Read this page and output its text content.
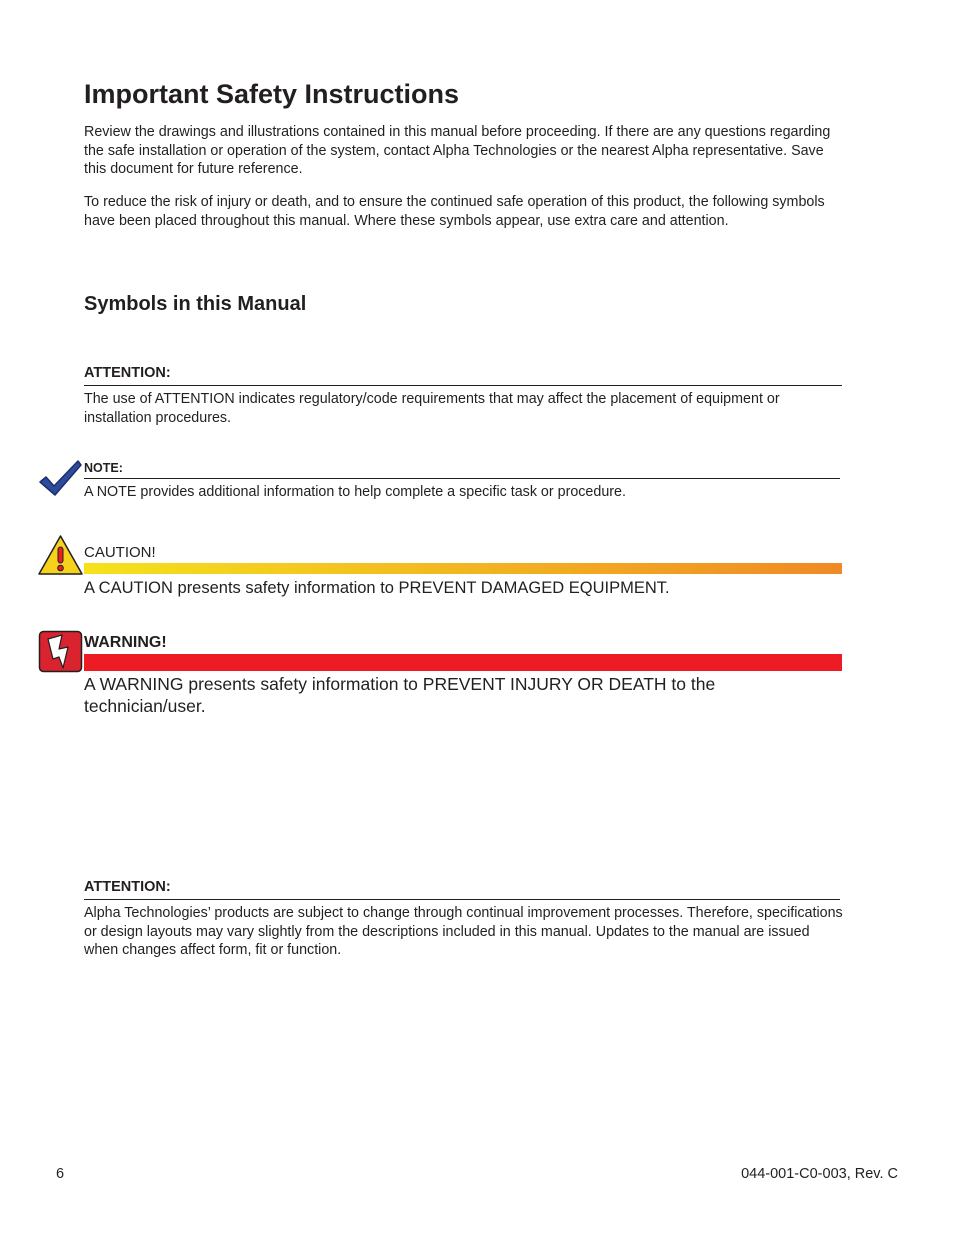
Important Safety Instructions

Review the drawings and illustrations contained in this manual before proceeding. If there are any questions regarding the safe installation or operation of the system, contact Alpha Technologies or the nearest Alpha representative. Save this document for future reference.

To reduce the risk of injury or death, and to ensure the continued safe operation of this product, the following symbols have been placed throughout this manual. Where these symbols appear, use extra care and attention.

Symbols in this Manual
ATTENTION:

The use of ATTENTION indicates regulatory/code requirements that may affect the placement of equipment or installation procedures.

NOTE:

A NOTE provides additional information to help complete a specific task or procedure.

CAUTION!

A CAUTION presents safety information to PREVENT DAMAGED EQUIPMENT.

WARNING!

A WARNING presents safety information to PREVENT INJURY OR DEATH to the technician/user.

ATTENTION:

Alpha Technologies’ products are subject to change through continual improvement processes. Therefore, specifications or design layouts may vary slightly from the descriptions included in this manual. Updates to the manual are issued when changes affect form, fit or function.

6	044-001-C0-003, Rev. C
